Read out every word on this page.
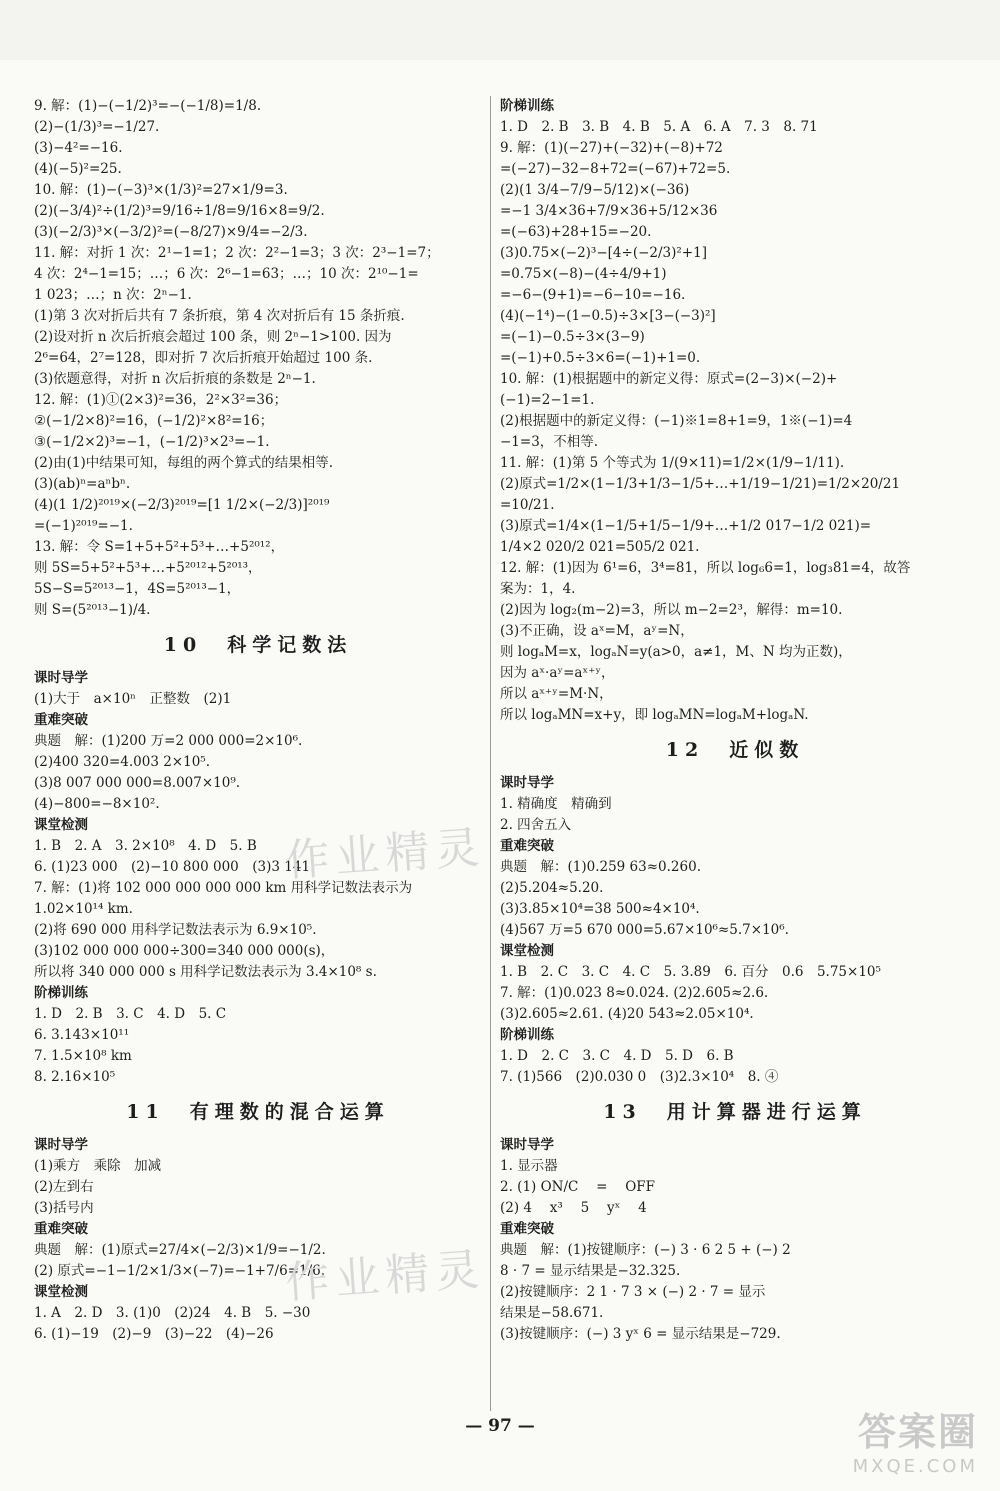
9. 解：(1)−(−1/2)³=−(−1/8)=1/8.
(2)−(1/3)³=−1/27.
(3)−4²=−16.
(4)(−5)²=25.
10. 解：(1)−(−3)³×(1/3)²=27×1/9=3.
(2)(−3/4)²÷(1/2)³=9/16÷1/8=9/16×8=9/2.
(3)(−2/3)³×(−3/2)²=(−8/27)×9/4=−2/3.
11. 解：对折 1 次：2¹−1=1；2 次：2²−1=3；3 次：2³−1=7；
4 次：2⁴−1=15；…；6 次：2⁶−1=63；…；10 次：2¹⁰−1=
1 023；…；n 次：2ⁿ−1.
(1)第 3 次对折后共有 7 条折痕，第 4 次对折后有 15 条折痕.
(2)设对折 n 次后折痕会超过 100 条，则 2ⁿ−1>100. 因为
2⁶=64，2⁷=128，即对折 7 次后折痕开始超过 100 条.
(3)依题意得，对折 n 次后折痕的条数是 2ⁿ−1.
12. 解：(1)①(2×3)²=36，2²×3²=36；
②(−1/2×8)²=16，(−1/2)²×8²=16；
③(−1/2×2)³=−1，(−1/2)³×2³=−1.
(2)由(1)中结果可知，每组的两个算式的结果相等.
(3)(ab)ⁿ=aⁿbⁿ.
(4)(1 1/2)²⁰¹⁹×(−2/3)²⁰¹⁹=[1 1/2×(−2/3)]²⁰¹⁹
=(−1)²⁰¹⁹=−1.
13. 解：令 S=1+5+5²+5³+…+5²⁰¹²，
则 5S=5+5²+5³+…+5²⁰¹²+5²⁰¹³，
5S−S=5²⁰¹³−1，4S=5²⁰¹³−1，
则 S=(5²⁰¹³−1)/4.
10　科学记数法
课时导学
(1)大于　a×10ⁿ　正整数　(2)1
重难突破
典题　解：(1)200 万=2 000 000=2×10⁶.
(2)400 320=4.003 2×10⁵.
(3)8 007 000 000=8.007×10⁹.
(4)−800=−8×10².
课堂检测
1. B　2. A　3. 2×10⁸　4. D　5. B
6. (1)23 000　(2)−10 800 000　(3)3 141
7. 解：(1)将 102 000 000 000 000 km 用科学记数法表示为
1.02×10¹⁴ km.
(2)将 690 000 用科学记数法表示为 6.9×10⁵.
(3)102 000 000 000÷300=340 000 000(s)，
所以将 340 000 000 s 用科学记数法表示为 3.4×10⁸ s.
阶梯训练
1. D　2. B　3. C　4. D　5. C
6. 3.143×10¹¹
7. 1.5×10⁸ km
8. 2.16×10⁵
11　有理数的混合运算
课时导学
(1)乘方　乘除　加减
(2)左到右
(3)括号内
重难突破
典题　解：(1)原式=27/4×(−2/3)×1/9=−1/2.
(2) 原式=−1−1/2×1/3×(−7)=−1+7/6=1/6.
课堂检测
1. A　2. D　3. (1)0　(2)24　4. B　5. −30
6. (1)−19　(2)−9　(3)−22　(4)−26
阶梯训练
1. D　2. B　3. B　4. B　5. A　6. A　7. 3　8. 71
9. 解：(1)(−27)+(−32)+(−8)+72
=(−27)−32−8+72=(−67)+72=5.
(2)(1 3/4−7/9−5/12)×(−36)
=−1 3/4×36+7/9×36+5/12×36
=(−63)+28+15=−20.
(3)0.75×(−2)³−[4÷(−2/3)²+1]
=0.75×(−8)−(4÷4/9+1)
=−6−(9+1)=−6−10=−16.
(4)(−1⁴)−(1−0.5)÷3×[3−(−3)²]
=(−1)−0.5÷3×(3−9)
=(−1)+0.5÷3×6=(−1)+1=0.
10. 解：(1)根据题中的新定义得：原式=(2−3)×(−2)+
(−1)=2−1=1.
(2)根据题中的新定义得：(−1)※1=8+1=9，1※(−1)=4
−1=3，不相等.
11. 解：(1)第 5 个等式为 1/(9×11)=1/2×(1/9−1/11).
(2)原式=1/2×(1−1/3+1/3−1/5+…+1/19−1/21)=1/2×20/21
=10/21.
(3)原式=1/4×(1−1/5+1/5−1/9+…+1/2 017−1/2 021)=
1/4×2 020/2 021=505/2 021.
12. 解：(1)因为 6¹=6，3⁴=81，所以 log₆6=1，log₃81=4，故答
案为：1，4.
(2)因为 log₂(m−2)=3，所以 m−2=2³，解得：m=10.
(3)不正确，设 aˣ=M，aʸ=N，
则 logₐM=x，logₐN=y(a>0，a≠1，M、N 均为正数)，
因为 aˣ·aʸ=aˣ⁺ʸ，
所以 aˣ⁺ʸ=M·N，
所以 logₐMN=x+y，即 logₐMN=logₐM+logₐN.
12　近似数
课时导学
1. 精确度　精确到
2. 四舍五入
重难突破
典题　解：(1)0.259 63≈0.260.
(2)5.204≈5.20.
(3)3.85×10⁴=38 500≈4×10⁴.
(4)567 万=5 670 000=5.67×10⁶≈5.7×10⁶.
课堂检测
1. B　2. C　3. C　4. C　5. 3.89　6. 百分　0.6　5.75×10⁵
7. 解：(1)0.023 8≈0.024. (2)2.605≈2.6.
(3)2.605≈2.61. (4)20 543≈2.05×10⁴.
阶梯训练
1. D　2. C　3. C　4. D　5. D　6. B
7. (1)566　(2)0.030 0　(3)2.3×10⁴　8. ④
13　用计算器进行运算
课时导学
1. 显示器
2. (1) ON/C 　=　 OFF
(2) 4 　x³　 5 　yˣ　 4
重难突破
典题　解：(1)按键顺序：(−) 3 · 6 2 5 + (−) 2
8 · 7 = 显示结果是−32.325.
(2)按键顺序：2 1 · 7 3 × (−) 2 · 7 = 显示
结果是−58.671.
(3)按键顺序：(−) 3 yˣ 6 = 显示结果是−729.
作业精灵
作业精灵
— 97 —	答案圈
MXQE.COM
